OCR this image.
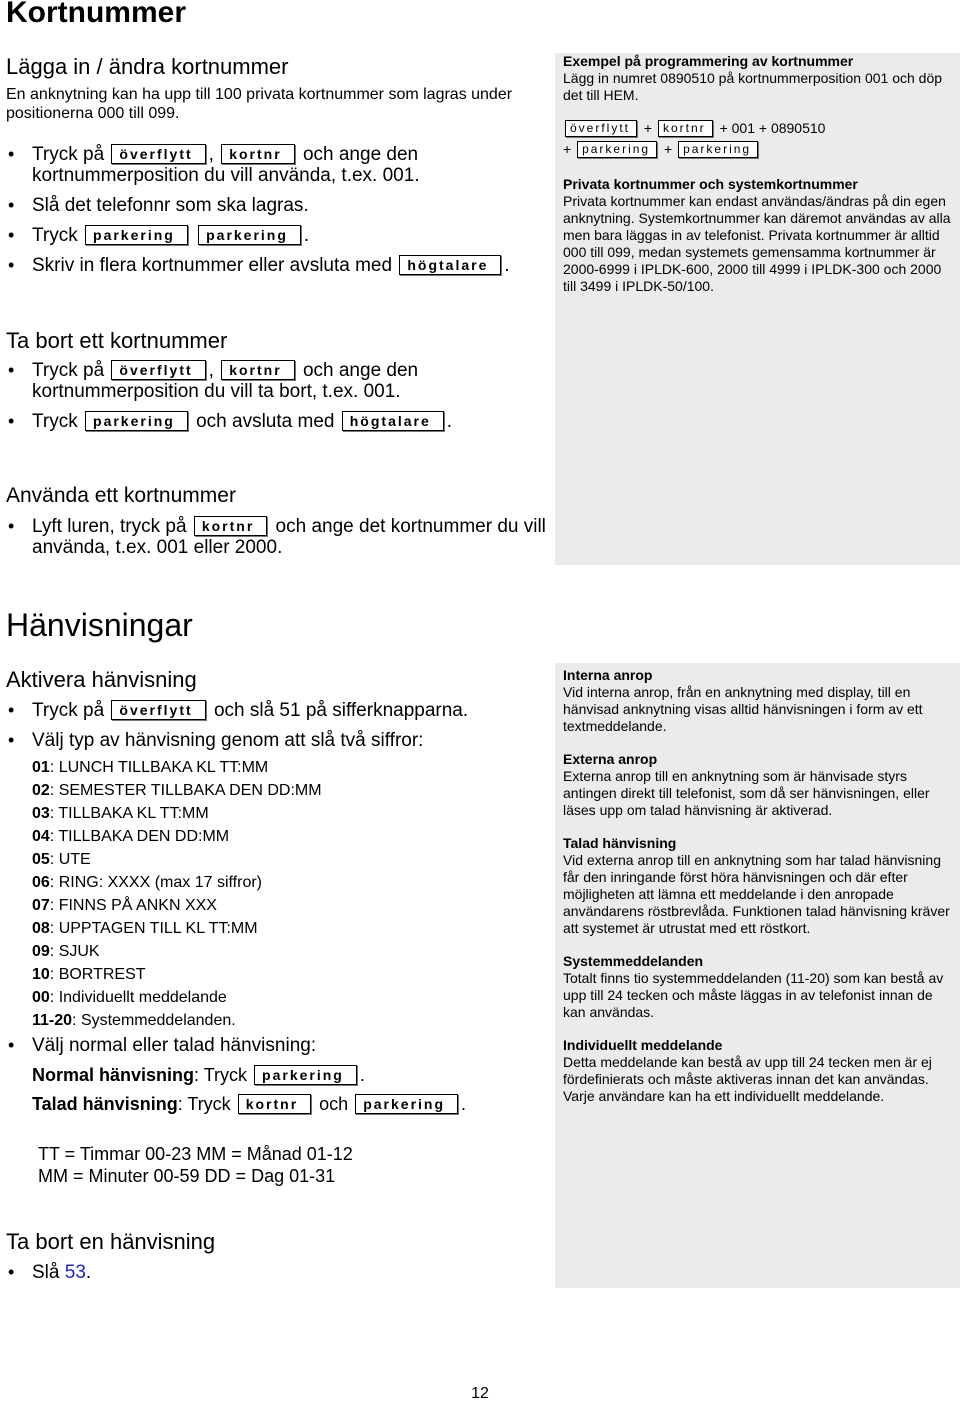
Kortnummer
Lägga in / ändra kortnummer
En anknytning kan ha upp till 100 privata kortnummer som lagras under positionerna 000 till 099.
• Tryck på överflytt , kortnr och ange den
kortnummerposition du vill använda, t.ex. 001.
• Slå det telefonnr som ska lagras.
• Tryck parkering parkering .
• Skriv in flera kortnummer eller avsluta med högtalare .
Ta bort ett kortnummer
• Tryck på överflytt , kortnr och ange den
kortnummerposition du vill ta bort, t.ex. 001.
• Tryck parkering och avsluta med högtalare .
Exempel på programmering av kortnummer

Lägg in numret 0890510 på kortnummerposition 001 och döp det till HEM.

överflytt + kortnr + 001 + 0890510
+ parkering + parkering
Privata kortnummer och systemkortnummer

Privata kortnummer kan endast användas/ändras på din egen anknytning. Systemkortnummer kan däremot användas av alla men bara läggas in av telefonist. Privata kortnummer är alltid 000 till 099, medan systemets gemensamma kortnummer är 2000-6999 i IPLDK-600, 2000 till 4999 i IPLDK-300 och 2000 till 3499 i IPLDK-50/100.

Använda ett kortnummer
• Lyft luren, tryck på kortnr och ange det kortnummer du vill
använda, t.ex. 001 eller 2000.
Hänvisningar
Aktivera hänvisning
• Tryck på överflytt och slå 51 på sifferknapparna.
• Välj typ av hänvisning genom att slå två siffror:
01: LUNCH TILLBAKA KL TT:MM
02: SEMESTER TILLBAKA DEN DD:MM
03: TILLBAKA KL TT:MM
04: TILLBAKA DEN DD:MM
05: UTE
06: RING: XXXX (max 17 siffror)
07: FINNS PÅ ANKN XXX
08: UPPTAGEN TILL KL TT:MM
09: SJUK
10: BORTREST
00: Individuellt meddelande
11-20: Systemmeddelanden.
• Välj normal eller talad hänvisning:
Normal hänvisning: Tryck parkering .
Talad hänvisning: Tryck kortnr och parkering .
TT = Timmar 00-23 MM = Månad 01-12
MM = Minuter 00-59 DD = Dag 01-31
Interna anrop

Vid interna anrop, från en anknytning med display, till en hänvisad anknytning visas alltid hänvisningen i form av ett textmeddelande.

Externa anrop

Externa anrop till en anknytning som är hänvisade styrs antingen direkt till telefonist, som då ser hänvisningen, eller läses upp om talad hänvisning är aktiverad.

Talad hänvisning

Vid externa anrop till en anknytning som har talad hänvisning får den inringande först höra hänvisningen och där efter möjligheten att lämna ett meddelande i den anropade användarens röstbrevlåda. Funktionen talad hänvisning kräver att systemet är utrustat med ett röstkort.

Systemmeddelanden

Totalt finns tio systemmeddelanden (11-20) som kan bestå av upp till 24 tecken och måste läggas in av telefonist innan de kan användas.

Individuellt meddelande

Detta meddelande kan bestå av upp till 24 tecken men är ej fördefinierats och måste aktiveras innan det kan användas. Varje användare kan ha ett individuellt meddelande.

Ta bort en hänvisning
• Slå 53.
12
